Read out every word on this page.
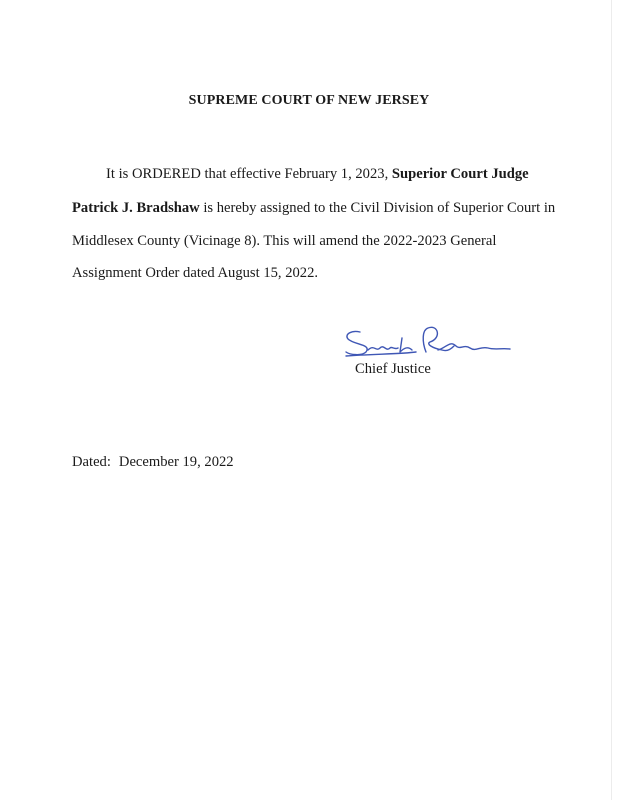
SUPREME COURT OF NEW JERSEY
It is ORDERED that effective February 1, 2023, Superior Court Judge
Patrick J. Bradshaw is hereby assigned to the Civil Division of Superior Court in
Middlesex County (Vicinage 8). This will amend the 2022-2023 General
Assignment Order dated August 15, 2022.
Chief Justice
Dated: December 19, 2022
